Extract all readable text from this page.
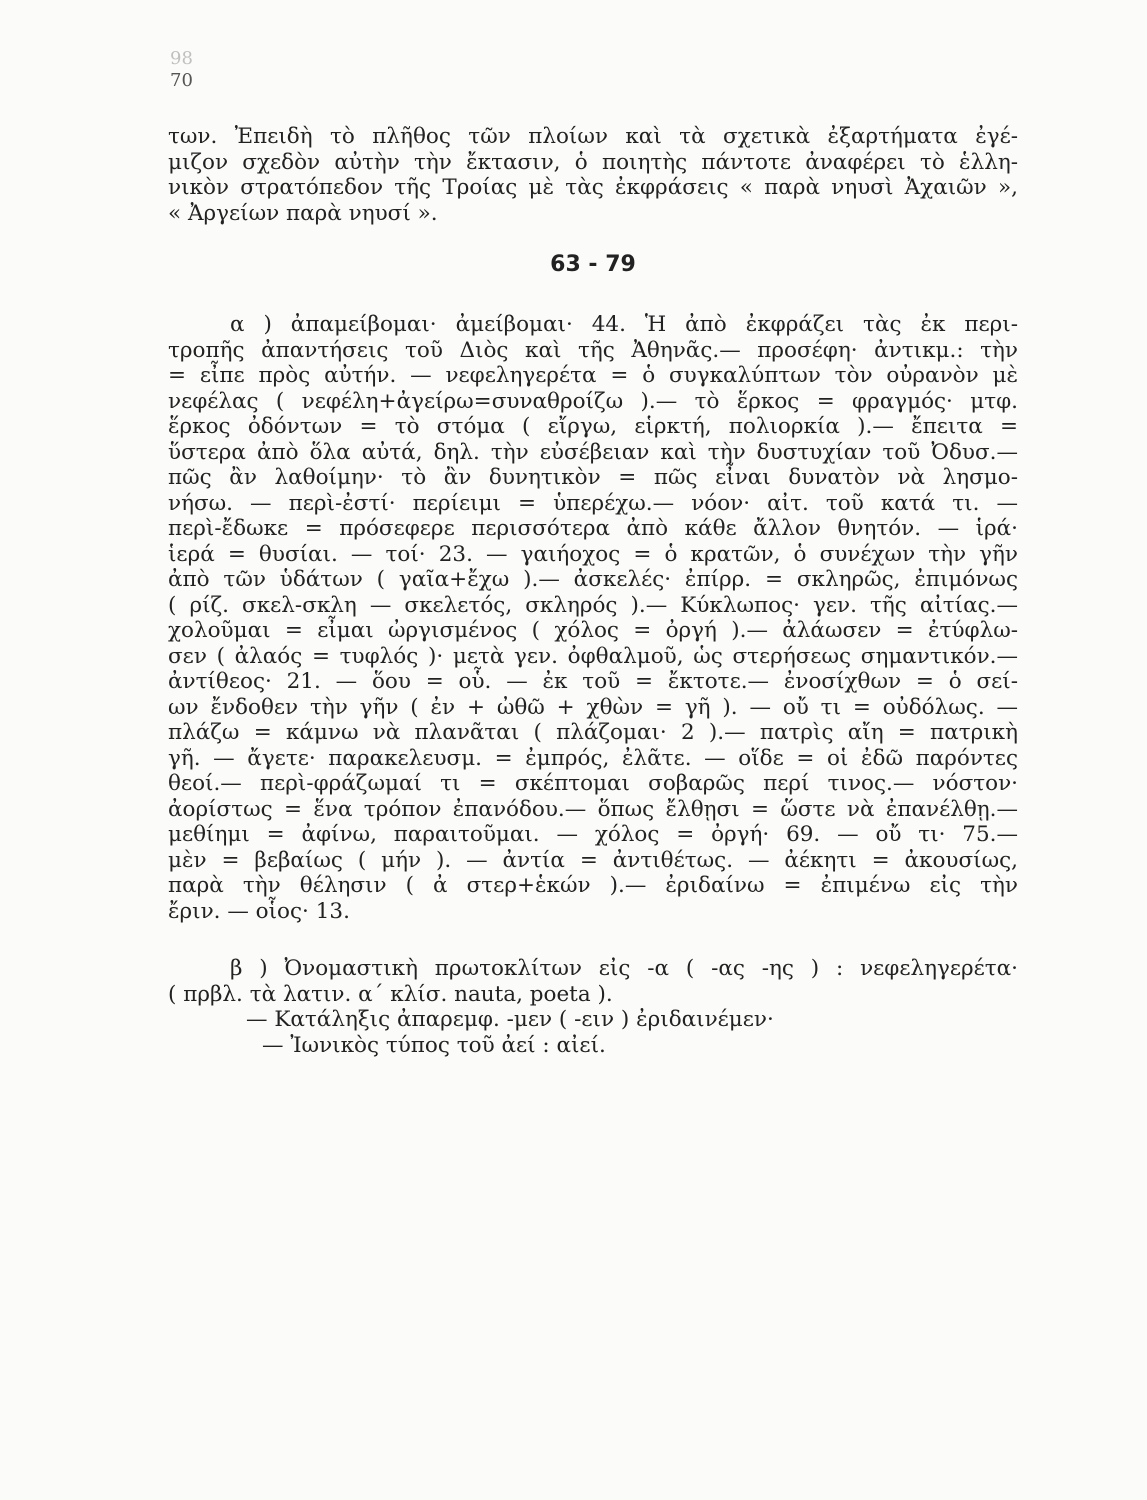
98
70
των. Ἐπειδὴ τὸ πλῆθος τῶν πλοίων καὶ τὰ σχετικὰ ἐξαρτήματα ἐγέ-
μιζον σχεδὸν αὐτὴν τὴν ἔκτασιν, ὁ ποιητὴς πάντοτε ἀναφέρει τὸ ἑλλη-
νικὸν στρατόπεδον τῆς Τροίας μὲ τὰς ἐκφράσεις « παρὰ νηυσὶ Ἀχαιῶν »,
« Ἀργείων παρὰ νηυσί ».
63 - 79
α ) ἀπαμείβομαι· ἀμείβομαι· 44. Ἡ ἀπὸ ἐκφράζει τὰς ἐκ περι-
τροπῆς ἀπαντήσεις τοῦ Διὸς καὶ τῆς Ἀθηνᾶς.— προσέφη· ἀντικμ.: τὴν
= εἶπε πρὸς αὐτήν. — νεφεληγερέτα = ὁ συγκαλύπτων τὸν οὐρανὸν μὲ
νεφέλας ( νεφέλη+ἀγείρω=συναθροίζω ).— τὸ ἕρκος = φραγμός· μτφ.
ἕρκος ὀδόντων = τὸ στόμα ( εἴργω, εἱρκτή, πολιορκία ).— ἔπειτα =
ὕστερα ἀπὸ ὅλα αὐτά, δηλ. τὴν εὐσέβειαν καὶ τὴν δυστυχίαν τοῦ Ὀδυσ.—
πῶς ἂν λαθοίμην· τὸ ἂν δυνητικὸν = πῶς εἶναι δυνατὸν νὰ λησμο-
νήσω. — περὶ-ἐστί· περίειμι = ὑπερέχω.— νόον· αἰτ. τοῦ κατά τι. —
περὶ-ἔδωκε = πρόσεφερε περισσότερα ἀπὸ κάθε ἄλλον θνητόν. — ἱρά·
ἱερά = θυσίαι. — τοί· 23. — γαιήοχος = ὁ κρατῶν, ὁ συνέχων τὴν γῆν
ἀπὸ τῶν ὑδάτων ( γαῖα+ἔχω ).— ἀσκελές· ἐπίρρ. = σκληρῶς, ἐπιμόνως
( ρίζ. σκελ-σκλη — σκελετός, σκληρός ).— Κύκλωπος· γεν. τῆς αἰτίας.—
χολοῦμαι = εἶμαι ὠργισμένος ( χόλος = ὀργή ).— ἀλάωσεν = ἐτύφλω-
σεν ( ἀλαός = τυφλός )· μετὰ γεν. ὀφθαλμοῦ, ὡς στερήσεως σημαντικόν.—
ἀντίθεος· 21. — ὅου = οὗ. — ἐκ τοῦ = ἔκτοτε.— ἐνοσίχθων = ὁ σεί-
ων ἔνδοθεν τὴν γῆν ( ἐν + ὠθῶ + χθὼν = γῆ ). — οὔ τι = οὐδόλως. —
πλάζω = κάμνω νὰ πλανᾶται ( πλάζομαι· 2 ).— πατρὶς αἴη = πατρικὴ
γῆ. — ἄγετε· παρακελευσμ. = ἐμπρός, ἐλᾶτε. — οἵδε = οἱ ἐδῶ παρόντες
θεοί.— περὶ-φράζωμαί τι = σκέπτομαι σοβαρῶς περί τινος.— νόστον·
ἀορίστως = ἕνα τρόπον ἐπανόδου.— ὅπως ἔλθῃσι = ὥστε νὰ ἐπανέλθῃ.—
μεθίημι = ἀφίνω, παραιτοῦμαι. — χόλος = ὀργή· 69. — οὔ τι· 75.—
μὲν = βεβαίως ( μήν ). — ἀντία = ἀντιθέτως. — ἀέκητι = ἀκουσίως,
παρὰ τὴν θέλησιν ( ἀ στερ+ἑκών ).— ἐριδαίνω = ἐπιμένω εἰς τὴν
ἔριν. — οἷος· 13.
β ) Ὀνομαστικὴ πρωτοκλίτων εἰς -α ( -ας -ης ) : νεφεληγερέτα·
( πρβλ. τὰ λατιν. α΄ κλίσ. nauta, poeta ).
— Κατάληξις ἀπαρεμφ. -μεν ( -ειν ) ἐριδαινέμεν·
— Ἰωνικὸς τύπος τοῦ ἀεί : αἰεί.
